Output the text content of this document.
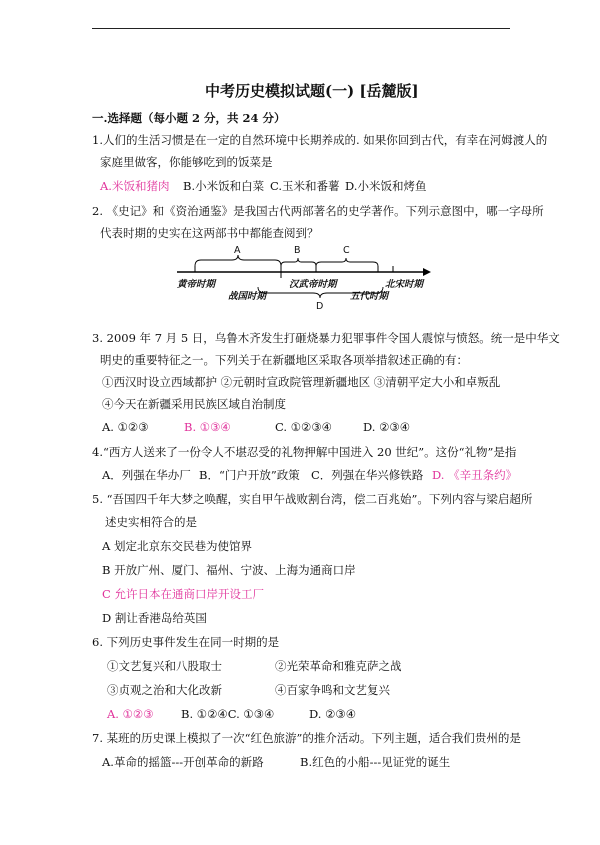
中考历史模拟试题(一) [岳麓版]
一.选择题（每小题 2 分，共 24 分）
1.人们的生活习惯是在一定的自然环境中长期养成的. 如果你回到古代，有幸在河姆渡人的
家庭里做客，你能够吃到的饭菜是
A.米饭和猪肉 B.小米饭和白菜 C.玉米和番薯 D.小米饭和烤鱼
2. 《史记》和《资治通鉴》是我国古代两部著名的史学著作。下列示意图中，哪一字母所
代表时期的史实在这两部书中都能查阅到？
A	B	C
D
黄帝时期
战国时期
汉武帝时期
五代时期
北宋时期
3. 2009 年 7 月 5 日，乌鲁木齐发生打砸烧暴力犯罪事件令国人震惊与愤怒。统一是中华文
明史的重要特征之一。下列关于在新疆地区采取各项举措叙述正确的有：
①西汉时设立西域都护 ②元朝时宣政院管理新疆地区 ③清朝平定大小和卓叛乱
④今天在新疆采用民族区域自治制度
A. ①②③	B. ①③④	C. ①②③④	D. ②③④
4.“西方人送来了一份令人不堪忍受的礼物押解中国进入 20 世纪”。这份“礼物”是指
A．列强在华办厂 B．“门户开放”政策 C．列强在华兴修铁路 D. 《辛丑条约》
5. “吾国四千年大梦之唤醒，实自甲午战败割台湾，偿二百兆始”。下列内容与梁启超所
述史实相符合的是
A 划定北京东交民巷为使馆界
B 开放广州、厦门、福州、宁波、上海为通商口岸
C 允许日本在通商口岸开设工厂
D 割让香港岛给英国
6. 下列历史事件发生在同一时期的是
①文艺复兴和八股取士	②光荣革命和雅克萨之战
③贞观之治和大化改新	④百家争鸣和文艺复兴
A. ①②③ B. ①②④C. ①③④	D. ②③④
7. 某班的历史课上模拟了一次“红色旅游”的推介活动。下列主题，适合我们贵州的是
A.革命的摇篮---开创革命的新路	B.红色的小船---见证党的诞生
